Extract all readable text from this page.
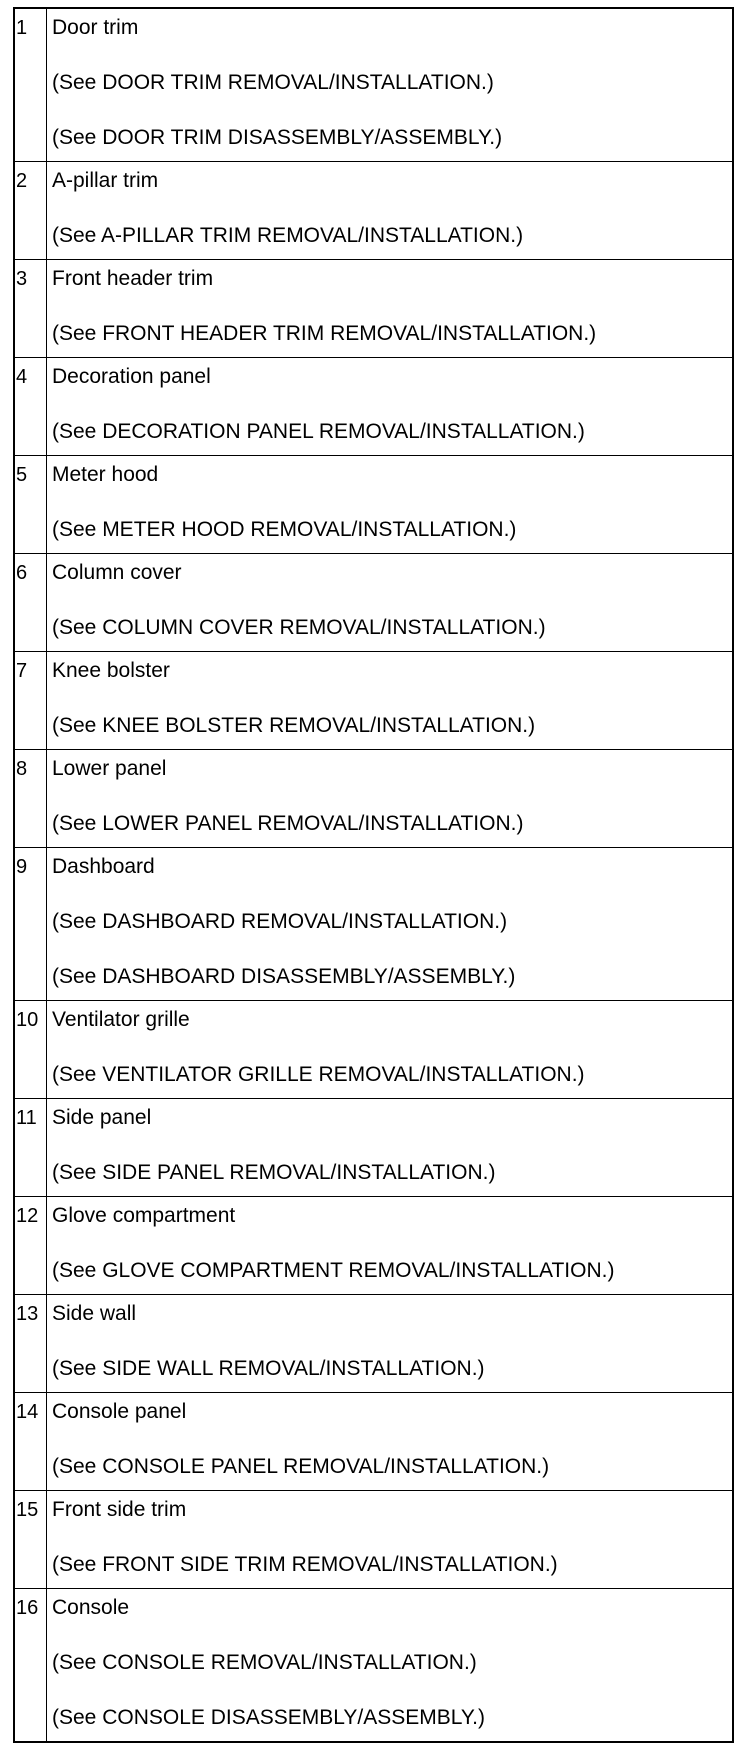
1	Door trim
(See DOOR TRIM REMOVAL/INSTALLATION.)
(See DOOR TRIM DISASSEMBLY/ASSEMBLY.)

2	A-pillar trim
(See A-PILLAR TRIM REMOVAL/INSTALLATION.)

3	Front header trim
(See FRONT HEADER TRIM REMOVAL/INSTALLATION.)

4	Decoration panel
(See DECORATION PANEL REMOVAL/INSTALLATION.)

5	Meter hood
(See METER HOOD REMOVAL/INSTALLATION.)

6	Column cover
(See COLUMN COVER REMOVAL/INSTALLATION.)

7	Knee bolster
(See KNEE BOLSTER REMOVAL/INSTALLATION.)

8	Lower panel
(See LOWER PANEL REMOVAL/INSTALLATION.)

9	Dashboard
(See DASHBOARD REMOVAL/INSTALLATION.)
(See DASHBOARD DISASSEMBLY/ASSEMBLY.)

10	Ventilator grille
(See VENTILATOR GRILLE REMOVAL/INSTALLATION.)

11	Side panel
(See SIDE PANEL REMOVAL/INSTALLATION.)

12	Glove compartment
(See GLOVE COMPARTMENT REMOVAL/INSTALLATION.)

13	Side wall
(See SIDE WALL REMOVAL/INSTALLATION.)

14	Console panel
(See CONSOLE PANEL REMOVAL/INSTALLATION.)

15	Front side trim
(See FRONT SIDE TRIM REMOVAL/INSTALLATION.)

16	Console
(See CONSOLE REMOVAL/INSTALLATION.)
(See CONSOLE DISASSEMBLY/ASSEMBLY.)
